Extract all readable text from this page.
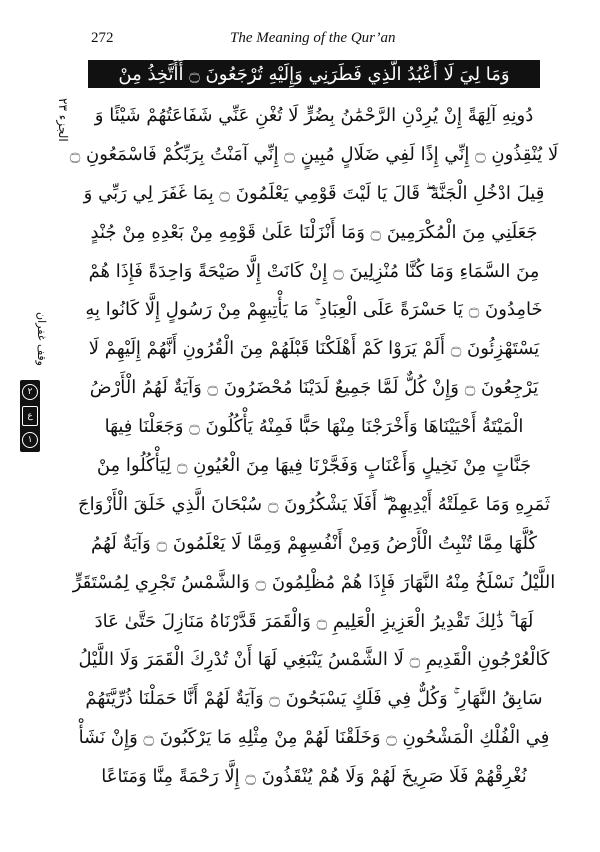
272	The Meaning of the Qur’an
الجزء ٢٣
وقف غفران
٢
ع
١
وَمَا لِيَ لَا أَعْبُدُ الَّذِي فَطَرَنِي وَإِلَيْهِ تُرْجَعُونَ ۝ أَأَتَّخِذُ مِنْ
دُونِهِ آلِهَةً إِنْ يُرِدْنِ الرَّحْمَٰنُ بِضُرٍّ لَا تُغْنِ عَنِّي شَفَاعَتُهُمْ شَيْئًا وَ
لَا يُنْقِذُونِ ۝ إِنِّي إِذًا لَفِي ضَلَالٍ مُبِينٍ ۝ إِنِّي آمَنْتُ بِرَبِّكُمْ فَاسْمَعُونِ ۝
قِيلَ ادْخُلِ الْجَنَّةَ ۖ قَالَ يَا لَيْتَ قَوْمِي يَعْلَمُونَ ۝ بِمَا غَفَرَ لِي رَبِّي وَ
جَعَلَنِي مِنَ الْمُكْرَمِينَ ۝ وَمَا أَنْزَلْنَا عَلَىٰ قَوْمِهِ مِنْ بَعْدِهِ مِنْ جُنْدٍ
مِنَ السَّمَاءِ وَمَا كُنَّا مُنْزِلِينَ ۝ إِنْ كَانَتْ إِلَّا صَيْحَةً وَاحِدَةً فَإِذَا هُمْ
خَامِدُونَ ۝ يَا حَسْرَةً عَلَى الْعِبَادِ ۚ مَا يَأْتِيهِمْ مِنْ رَسُولٍ إِلَّا كَانُوا بِهِ
يَسْتَهْزِئُونَ ۝ أَلَمْ يَرَوْا كَمْ أَهْلَكْنَا قَبْلَهُمْ مِنَ الْقُرُونِ أَنَّهُمْ إِلَيْهِمْ لَا
يَرْجِعُونَ ۝ وَإِنْ كُلٌّ لَمَّا جَمِيعٌ لَدَيْنَا مُحْضَرُونَ ۝ وَآيَةٌ لَهُمُ الْأَرْضُ
الْمَيْتَةُ أَحْيَيْنَاهَا وَأَخْرَجْنَا مِنْهَا حَبًّا فَمِنْهُ يَأْكُلُونَ ۝ وَجَعَلْنَا فِيهَا
جَنَّاتٍ مِنْ نَخِيلٍ وَأَعْنَابٍ وَفَجَّرْنَا فِيهَا مِنَ الْعُيُونِ ۝ لِيَأْكُلُوا مِنْ
ثَمَرِهِ وَمَا عَمِلَتْهُ أَيْدِيهِمْ ۖ أَفَلَا يَشْكُرُونَ ۝ سُبْحَانَ الَّذِي خَلَقَ الْأَزْوَاجَ
كُلَّهَا مِمَّا تُنْبِتُ الْأَرْضُ وَمِنْ أَنْفُسِهِمْ وَمِمَّا لَا يَعْلَمُونَ ۝ وَآيَةٌ لَهُمُ
اللَّيْلُ نَسْلَخُ مِنْهُ النَّهَارَ فَإِذَا هُمْ مُظْلِمُونَ ۝ وَالشَّمْسُ تَجْرِي لِمُسْتَقَرٍّ
لَهَا ۚ ذَٰلِكَ تَقْدِيرُ الْعَزِيزِ الْعَلِيمِ ۝ وَالْقَمَرَ قَدَّرْنَاهُ مَنَازِلَ حَتَّىٰ عَادَ
كَالْعُرْجُونِ الْقَدِيمِ ۝ لَا الشَّمْسُ يَنْبَغِي لَهَا أَنْ تُدْرِكَ الْقَمَرَ وَلَا اللَّيْلُ
سَابِقُ النَّهَارِ ۚ وَكُلٌّ فِي فَلَكٍ يَسْبَحُونَ ۝ وَآيَةٌ لَهُمْ أَنَّا حَمَلْنَا ذُرِّيَّتَهُمْ
فِي الْفُلْكِ الْمَشْحُونِ ۝ وَخَلَقْنَا لَهُمْ مِنْ مِثْلِهِ مَا يَرْكَبُونَ ۝ وَإِنْ نَشَأْ
نُغْرِقْهُمْ فَلَا صَرِيخَ لَهُمْ وَلَا هُمْ يُنْقَذُونَ ۝ إِلَّا رَحْمَةً مِنَّا وَمَتَاعًا
